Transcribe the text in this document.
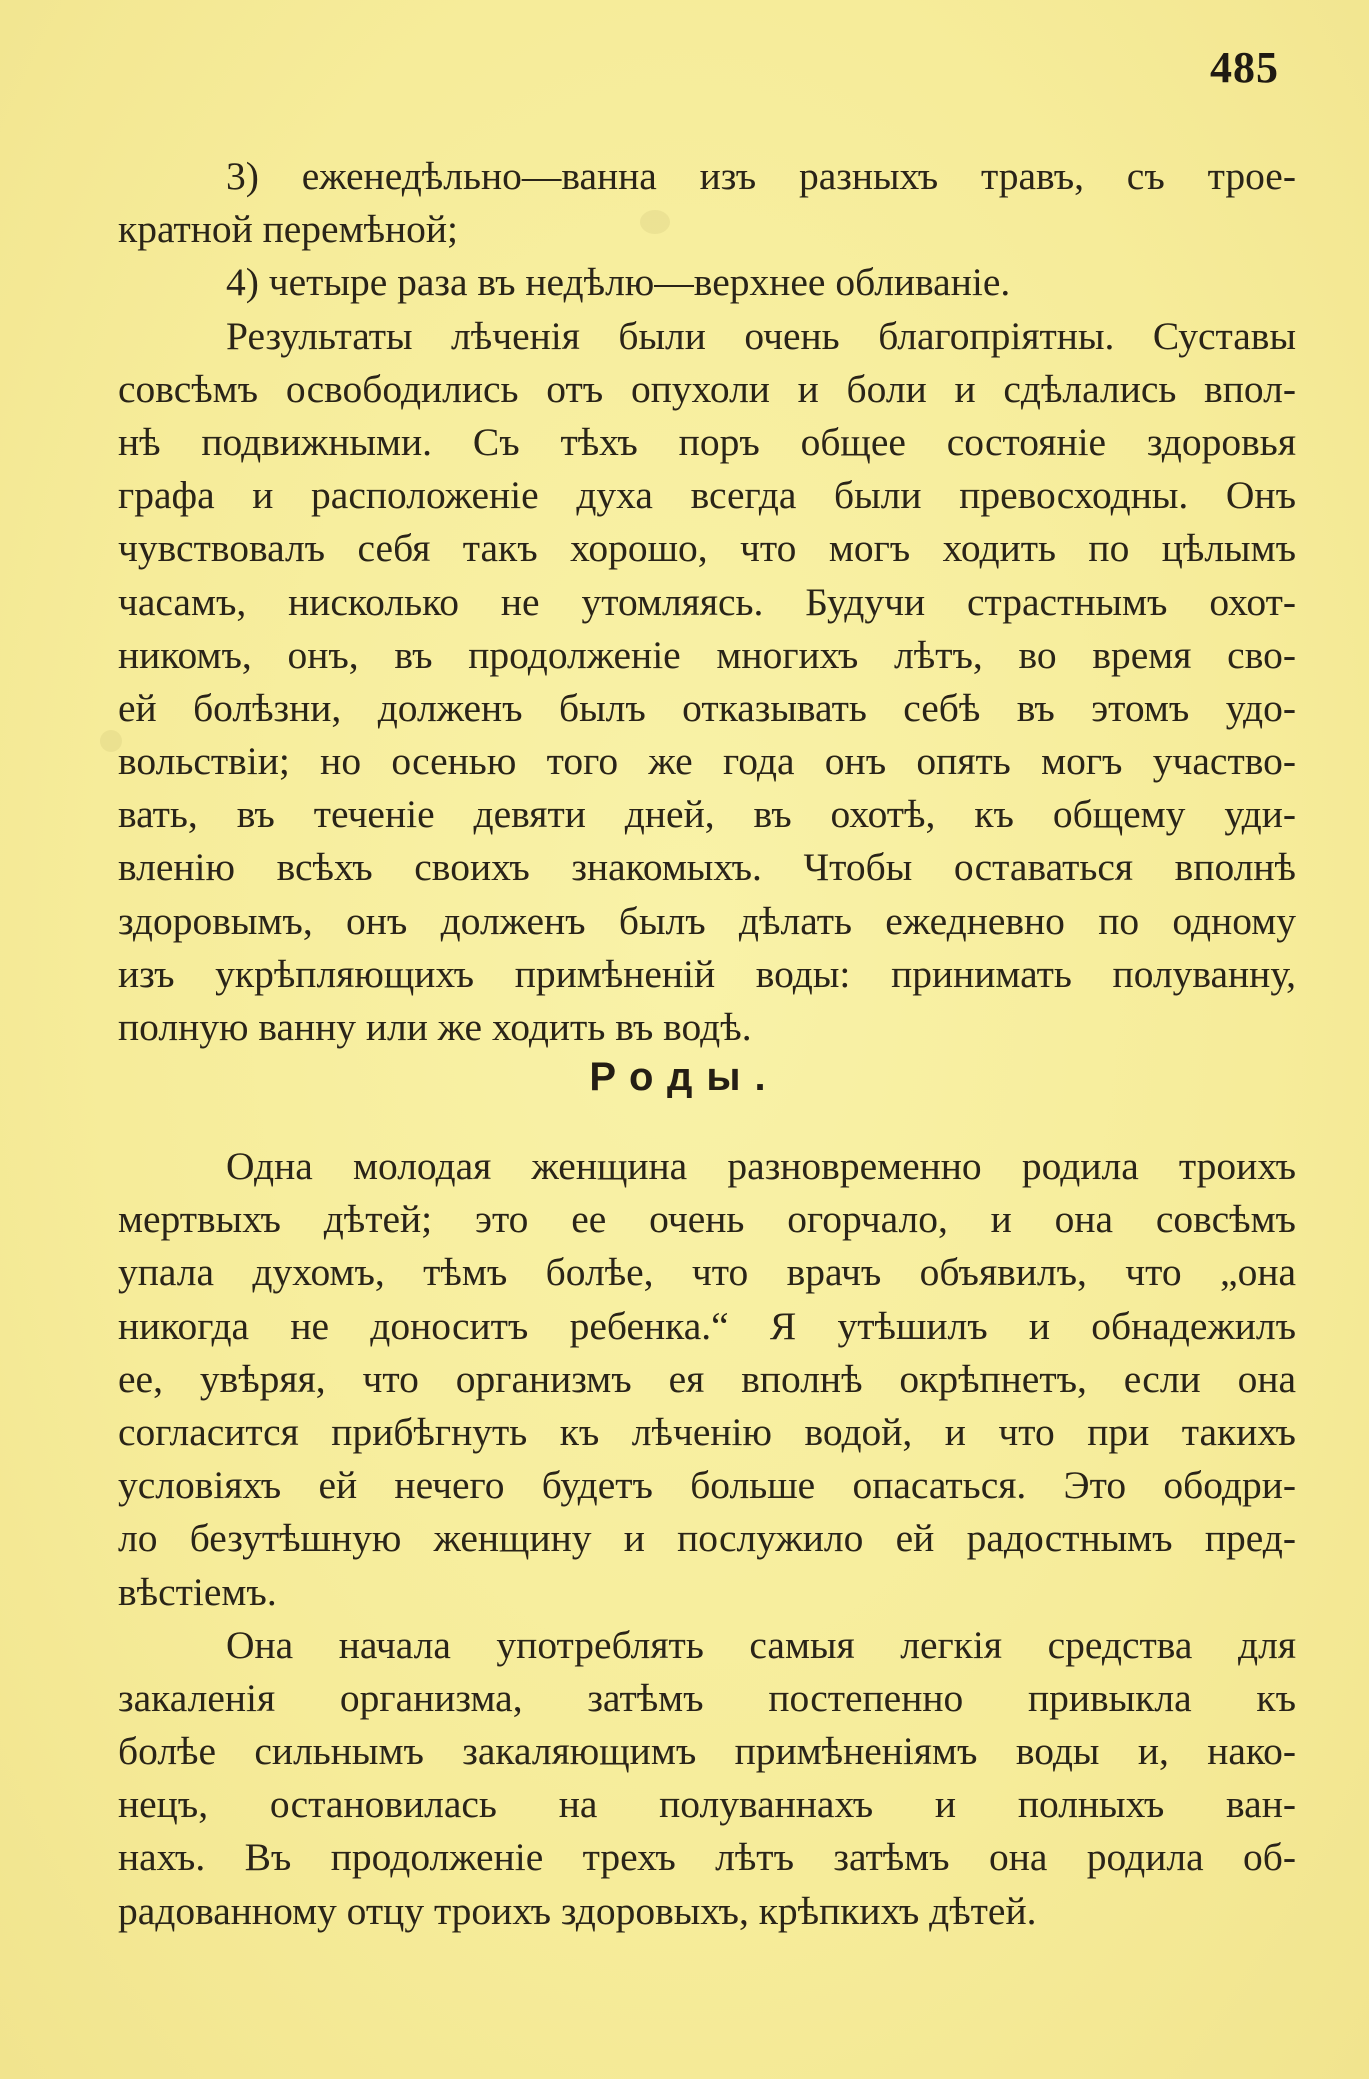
485
3) еженедѣльно—ванна изъ разныхъ травъ, съ трое-
кратной перемѣной;
4) четыре раза въ недѣлю—верхнее обливаніе.
Результаты лѣченія были очень благопріятны. Суставы
совсѣмъ освободились отъ опухоли и боли и сдѣлались впол-
нѣ подвижными. Съ тѣхъ поръ общее состояніе здоровья
графа и расположеніе духа всегда были превосходны. Онъ
чувствовалъ себя такъ хорошо, что могъ ходить по цѣлымъ
часамъ, нисколько не утомляясь. Будучи страстнымъ охот-
никомъ, онъ, въ продолженіе многихъ лѣтъ, во время сво-
ей болѣзни, долженъ былъ отказывать себѣ въ этомъ удо-
вольствіи; но осенью того же года онъ опять могъ участво-
вать, въ теченіе девяти дней, въ охотѣ, къ общему уди-
вленію всѣхъ своихъ знакомыхъ. Чтобы оставаться вполнѣ
здоровымъ, онъ долженъ былъ дѣлать ежедневно по одному
изъ укрѣпляющихъ примѣненій воды: принимать полуванну,
полную ванну или же ходить въ водѣ.
Роды.
Одна молодая женщина разновременно родила троихъ
мертвыхъ дѣтей; это ее очень огорчало, и она совсѣмъ
упала духомъ, тѣмъ болѣе, что врачъ объявилъ, что „она
никогда не доноситъ ребенка.“ Я утѣшилъ и обнадежилъ
ее, увѣряя, что организмъ ея вполнѣ окрѣпнетъ, если она
согласится прибѣгнуть къ лѣченію водой, и что при такихъ
условіяхъ ей нечего будетъ больше опасаться. Это ободри-
ло безутѣшную женщину и послужило ей радостнымъ пред-
вѣстіемъ.
Она начала употреблять самыя легкія средства для
закаленія организма, затѣмъ постепенно привыкла къ
болѣе сильнымъ закаляющимъ примѣненіямъ воды и, нако-
нецъ, остановилась на полуваннахъ и полныхъ ван-
нахъ. Въ продолженіе трехъ лѣтъ затѣмъ она родила об-
радованному отцу троихъ здоровыхъ, крѣпкихъ дѣтей.
